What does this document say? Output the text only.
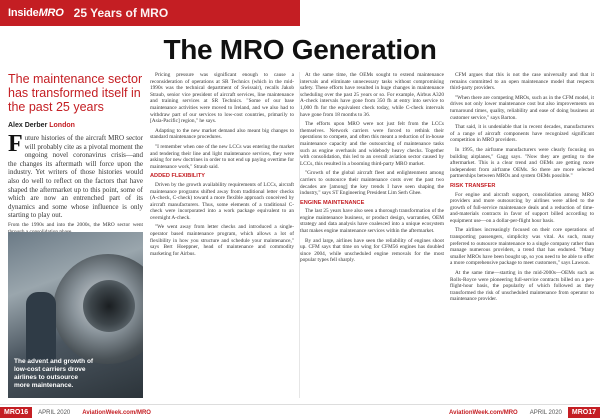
InsideMRO 25 Years of MRO
The MRO Generation
The maintenance sector has transformed itself in the past 25 years
Alex Derber London

Future histories of the aircraft MRO sector will probably cite as a pivotal moment the ongoing novel coronavirus crisis—and the changes its aftermath will force upon the industry. Yet writers of those histories would also do well to reflect on the factors that have shaped the aftermarket up to this point, some of which are now an entrenched part of its dynamics and some whose influence is only starting to play out.

From the 1990s and into the 2000s, the MRO sector went

The advent and growth of low-cost carriers drove airlines to outsource more maintenance.

Pricing pressure was significant enough to cause a reconsideration of operations at SR Technics (which in the mid-1990s was the technical department of Swissair), recalls Jakob Straub, senior vice president of aircraft services, line maintenance and training services at SR Technics. "Some of our base maintenance activities were moved to Ireland, and we also had to withdraw part of our services to low-cost countries, primarily to [Asia-Pacific] region," he says.

Adapting to the new market demand also meant big changes to standard maintenance procedures.

"I remember when one of the new LCCs was entering the market and tendering their line and light maintenance services, they were asking for new doctrines in order to not end up paying overtime for maintenance work," Straub said.

ADDED FLEXIBILITY

Driven by the growth availability requirements of LCCs, aircraft maintenance programs shifted away from traditional letter checks (A-check, C-check) toward a more flexible approach conceived by aircraft manufacturers. Thus, some elements of a traditional C-check were incorporated into a work package equivalent to an overnight A-check.

"We went away from letter checks and introduced a single-operator based maintenance program, which allows a lot of flexibility in how you structure and schedule your maintenance," says Bert Hoeppner, head of maintenance and commodity marketing for Airbus.

At the same time, the OEMs sought to extend maintenance intervals and eliminate unnecessary tasks without compromising safety. These efforts have resulted in huge changes in maintenance scheduling over the past 25 years or so. For example, Airbus A320 A-check intervals have gone from 350 fh at entry into service to 1,000 fh for the equivalent check today, while C-check intervals have gone from 18 months to 36.

The efforts upon MRO were not just felt from the LCCs themselves. Network carriers were forced to rethink their operations to compete, and often this meant a reduction of in-house maintenance capacity and the outsourcing of maintenance tasks such as engine overhauls and widebody heavy checks. Together with consolidation, this led to an overall aviation sector caused by LCCs, this resulted in a booming third-party MRO market.

"Growth of the global aircraft fleet and enlightenment among carriers to outsource their maintenance costs over the past two decades are [among] the key trends I have seen shaping the industry," says ST Engineering President Lim Serh Ghee.

ENGINE MAINTENANCE

The last 25 years have also seen a thorough transformation of the engine maintenance business, or product design, warranties, OEM strategy and data analysis have coalesced into a unique ecosystem that makes engine maintenance services within the aftermarket.

By and large, airlines have seen the reliability of engines shoot up. CFM says that time on wing for CFM56 engines has doubled since 2004, while unscheduled engine removals for the most popular types fell sharply.

CFM argues that this is not the case universally and that it remains committed to an open maintenance model that respects third-party providers.

"When there are competing MROs, such as in the CFM model, it drives not only lower maintenance cost but also improvements on turnaround times, quality, reliability and ease of doing business at customer service," says Barton.

That said, it is undeniable that in recent decades, manufacturers of a range of aircraft components have recognized significant competition in MRO providers.

In 1995, the airframe manufacturers were clearly focusing on building airplanes," Gagg says. "Now they are getting to the aftermarket. This is a clear trend and OEMs are getting more independent from airframe OEMs. So there are more selected partnerships between MROs and system OEMs possible."

RISK TRANSFER

For engine and aircraft support, consolidation among MRO providers and more outsourcing by airlines were allied to the growth of full-service maintenance deals and a reduction of time-and-materials contracts in favor of support billed according to equipment use—on a dollar-per-flight hour basis.

The airlines increasingly focused on their core operations of transporting passengers, simplicity was vital. As such, many preferred to outsource maintenance to a single company rather than manage numerous providers, a trend that has endured. "Many smaller MROs have been bought up, so you need to be able to offer a more comprehensive package to meet customers," says Lawson.

At the same time—starting in the mid-2000s—OEMs such as Rolls-Royce were pioneering full-service contracts billed on a per-flight-hour basis, the popularity of which followed as they transformed the risk of unscheduled maintenance from operator to maintenance provider.

MRO16	APRIL 2020 AviationWeek.com/MRO	AviationWeek.com/MRO APRIL 2020	MRO17
